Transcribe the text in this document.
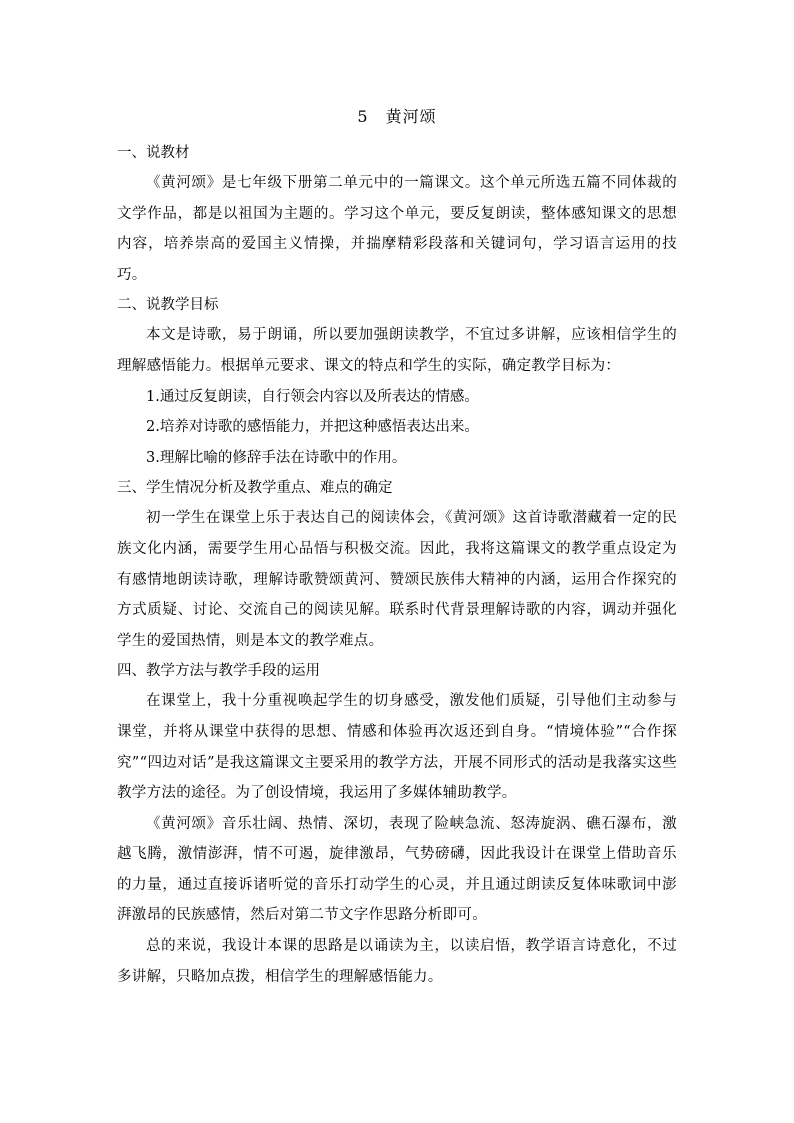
5　黄河颂
一、说教材

《黄河颂》是七年级下册第二单元中的一篇课文。这个单元所选五篇不同体裁的文学作品，都是以祖国为主题的。学习这个单元，要反复朗读，整体感知课文的思想内容，培养崇高的爱国主义情操，并揣摩精彩段落和关键词句，学习语言运用的技巧。

二、说教学目标

本文是诗歌，易于朗诵，所以要加强朗读教学，不宜过多讲解，应该相信学生的理解感悟能力。根据单元要求、课文的特点和学生的实际，确定教学目标为：

1.通过反复朗读，自行领会内容以及所表达的情感。

2.培养对诗歌的感悟能力，并把这种感悟表达出来。

3.理解比喻的修辞手法在诗歌中的作用。

三、学生情况分析及教学重点、难点的确定

初一学生在课堂上乐于表达自己的阅读体会，《黄河颂》这首诗歌潜藏着一定的民族文化内涵，需要学生用心品悟与积极交流。因此，我将这篇课文的教学重点设定为有感情地朗读诗歌，理解诗歌赞颂黄河、赞颂民族伟大精神的内涵，运用合作探究的方式质疑、讨论、交流自己的阅读见解。联系时代背景理解诗歌的内容，调动并强化学生的爱国热情，则是本文的教学难点。

四、教学方法与教学手段的运用

在课堂上，我十分重视唤起学生的切身感受，激发他们质疑，引导他们主动参与课堂，并将从课堂中获得的思想、情感和体验再次返还到自身。“情境体验”“合作探究”“四边对话”是我这篇课文主要采用的教学方法，开展不同形式的活动是我落实这些教学方法的途径。为了创设情境，我运用了多媒体辅助教学。

《黄河颂》音乐壮阔、热情、深切，表现了险峡急流、怒涛旋涡、礁石瀑布，激越飞腾，激情澎湃，情不可遏，旋律激昂，气势磅礴，因此我设计在课堂上借助音乐的力量，通过直接诉诸听觉的音乐打动学生的心灵，并且通过朗读反复体味歌词中澎湃激昂的民族感情，然后对第二节文字作思路分析即可。

总的来说，我设计本课的思路是以诵读为主，以读启悟，教学语言诗意化，不过多讲解，只略加点拨，相信学生的理解感悟能力。
